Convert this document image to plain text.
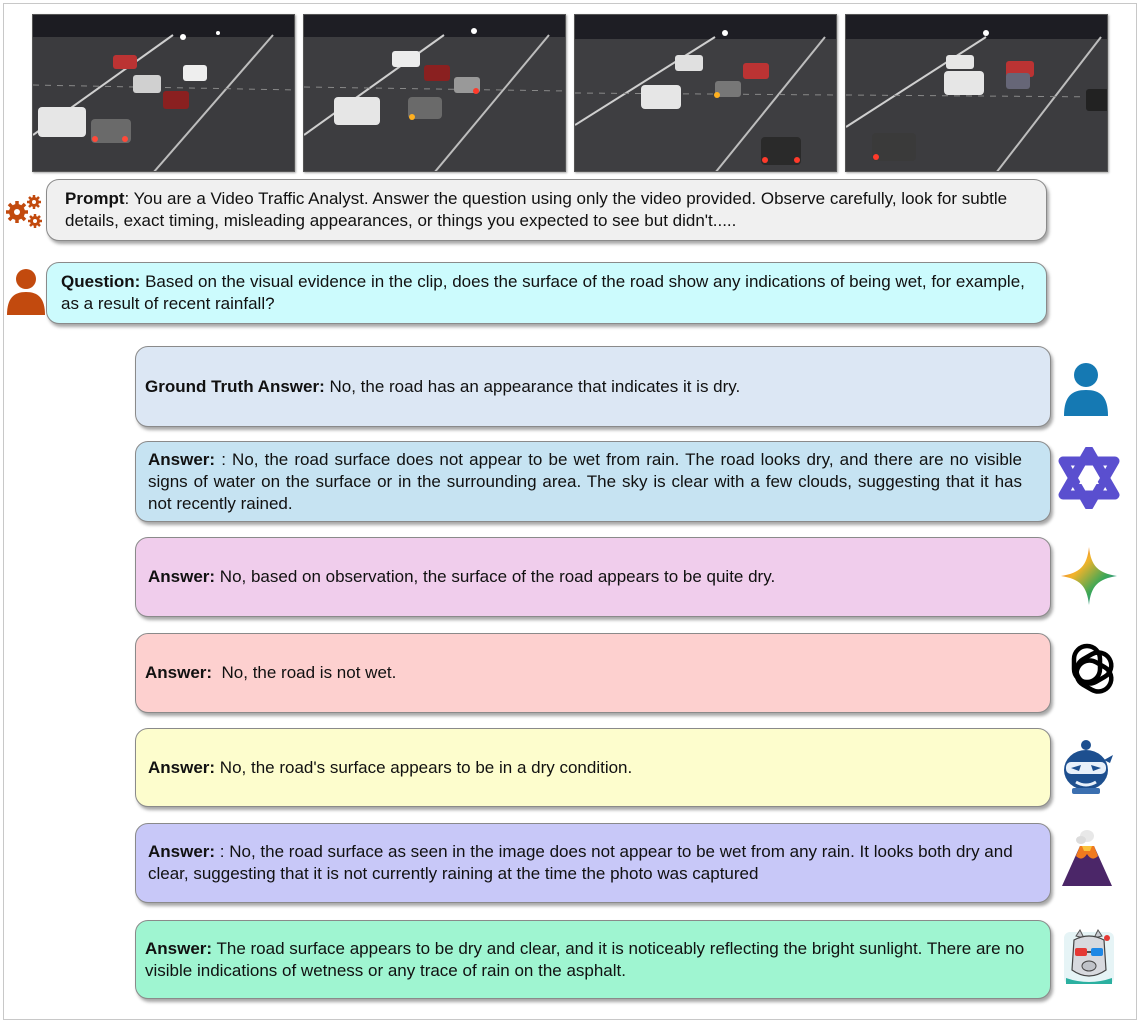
Prompt: You are a Video Traffic Analyst. Answer the question using only the video provided. Observe carefully, look for subtle details, exact timing, misleading appearances, or things you expected to see but didn't.....
Question: Based on the visual evidence in the clip, does the surface of the road show any indications of being wet, for example, as a result of recent rainfall?
Ground Truth Answer: No, the road has an appearance that indicates it is dry.
Answer: : No, the road surface does not appear to be wet from rain. The road looks dry, and there are no visible signs of water on the surface or in the surrounding area. The sky is clear with a few clouds, suggesting that it has not recently rained.
Answer: No, based on observation, the surface of the road appears to be quite dry.
Answer:  No, the road is not wet.
Answer: No, the road's surface appears to be in a dry condition.
Answer: : No, the road surface as seen in the image does not appear to be wet from any rain. It looks both dry and clear, suggesting that it is not currently raining at the time the photo was captured
Answer: The road surface appears to be dry and clear, and it is noticeably reflecting the bright sunlight. There are no visible indications of wetness or any trace of rain on the asphalt.
